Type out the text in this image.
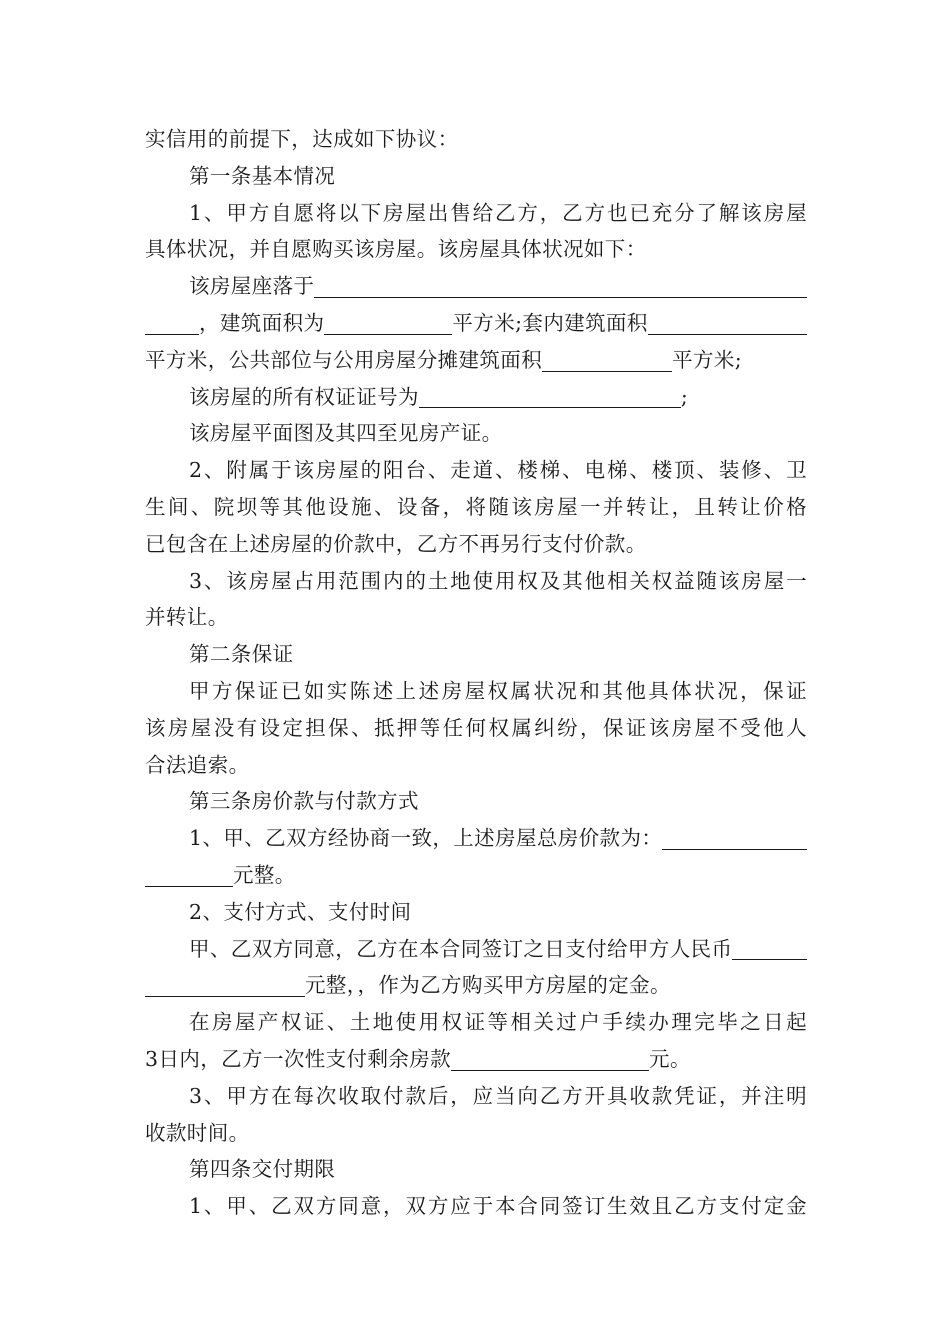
实信用的前提下，达成如下协议：
第一条基本情况
1、甲方自愿将以下房屋出售给乙方，乙方也已充分了解该房屋
具体状况，并自愿购买该房屋。该房屋具体状况如下：
该房屋座落于
，建筑面积为	平方米;套内建筑面积
平方米，公共部位与公用房屋分摊建筑面积	平方米;
该房屋的所有权证证号为	;
该房屋平面图及其四至见房产证。
2、附属于该房屋的阳台、走道、楼梯、电梯、楼顶、装修、卫
生间、院坝等其他设施、设备，将随该房屋一并转让，且转让价格
已包含在上述房屋的价款中，乙方不再另行支付价款。
3、该房屋占用范围内的土地使用权及其他相关权益随该房屋一
并转让。
第二条保证
甲方保证已如实陈述上述房屋权属状况和其他具体状况，保证
该房屋没有设定担保、抵押等任何权属纠纷，保证该房屋不受他人
合法追索。
第三条房价款与付款方式
1、甲、乙双方经协商一致，上述房屋总房价款为：
元整。
2、支付方式、支付时间
甲、乙双方同意，乙方在本合同签订之日支付给甲方人民币
元整，，作为乙方购买甲方房屋的定金。
在房屋产权证、土地使用权证等相关过户手续办理完毕之日起
3日内，乙方一次性支付剩余房款	元。
3、甲方在每次收取付款后，应当向乙方开具收款凭证，并注明
收款时间。
第四条交付期限
1、甲、乙双方同意，双方应于本合同签订生效且乙方支付定金
